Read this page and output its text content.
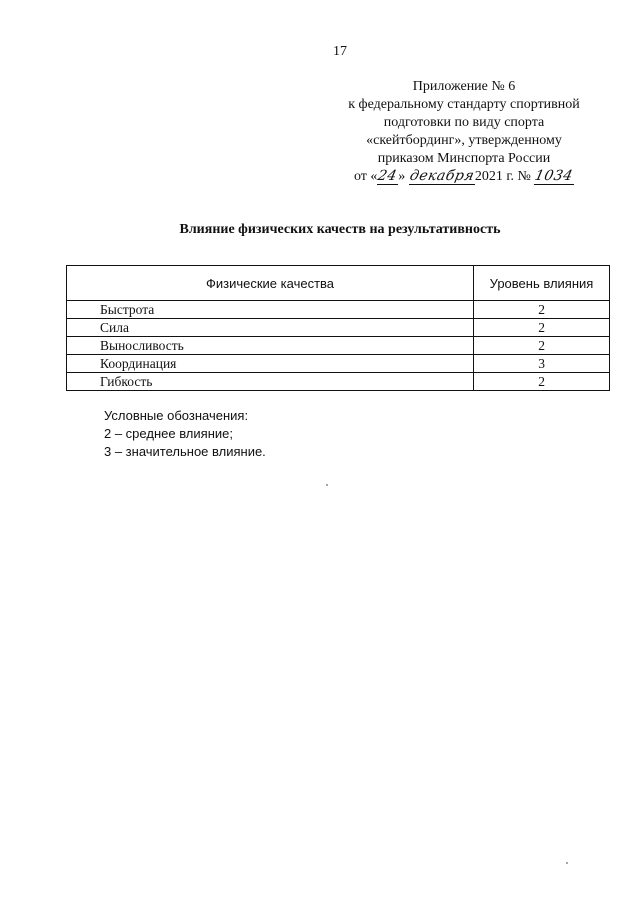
17
Приложение № 6
к федеральному стандарту спортивной
подготовки по виду спорта
«скейтбординг», утвержденному
приказом Минспорта России
от «24» декабря2021 г. № 1034
Влияние физических качеств на результативность
Физические качества	Уровень влияния
Быстрота	2
Сила	2
Выносливость	2
Координация	3
Гибкость	2
Условные обозначения:
2 – среднее влияние;
3 – значительное влияние.
